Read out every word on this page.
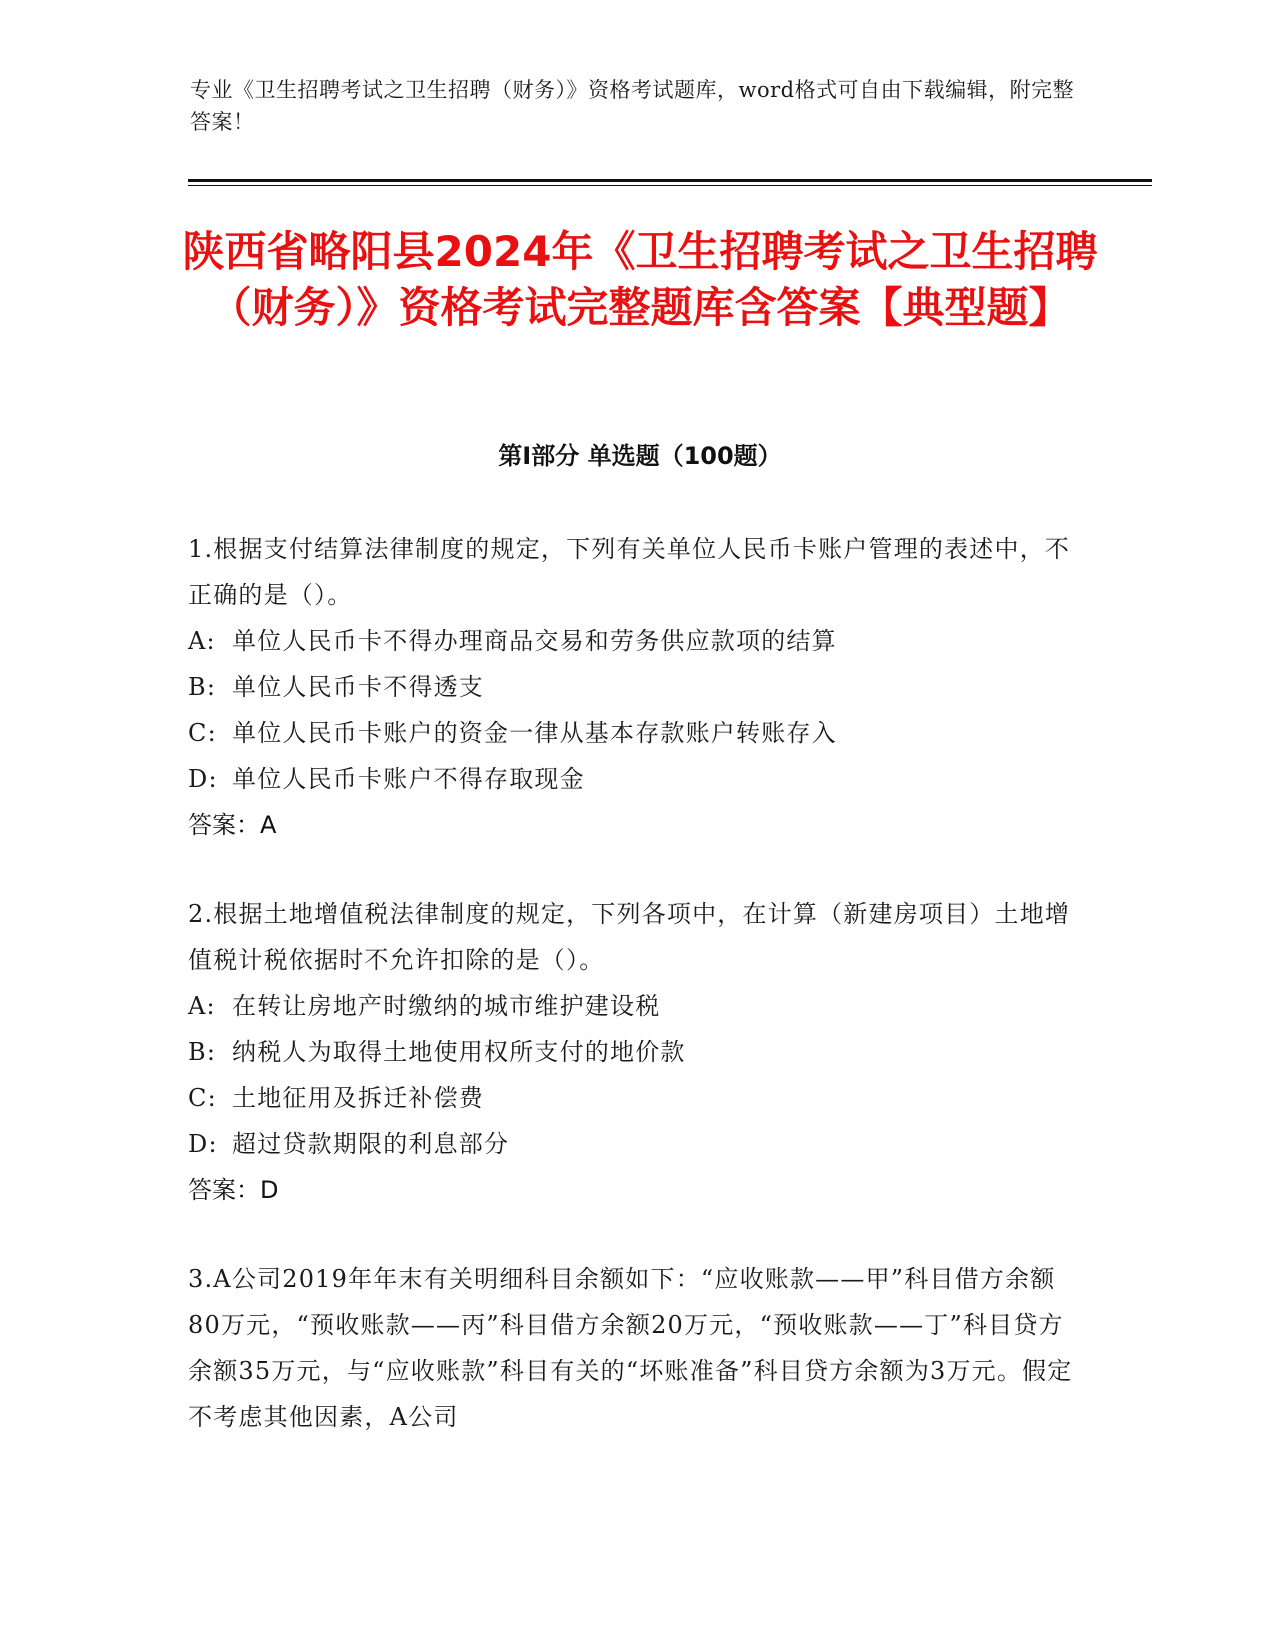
专业《卫生招聘考试之卫生招聘（财务）》资格考试题库，word格式可自由下载编辑，附完整答案！
陕西省略阳县2024年《卫生招聘考试之卫生招聘（财务）》资格考试完整题库含答案【典型题】
第I部分 单选题（100题）
1.根据支付结算法律制度的规定，下列有关单位人民币卡账户管理的表述中，不正确的是（）。
A: 单位人民币卡不得办理商品交易和劳务供应款项的结算
B: 单位人民币卡不得透支
C: 单位人民币卡账户的资金一律从基本存款账户转账存入
D: 单位人民币卡账户不得存取现金
答案：A
2.根据土地增值税法律制度的规定，下列各项中，在计算（新建房项目）土地增值税计税依据时不允许扣除的是（）。
A: 在转让房地产时缴纳的城市维护建设税
B: 纳税人为取得土地使用权所支付的地价款
C: 土地征用及拆迁补偿费
D: 超过贷款期限的利息部分
答案：D
3.A公司2019年年末有关明细科目余额如下：“应收账款——甲”科目借方余额80万元，“预收账款——丙”科目借方余额20万元，“预收账款——丁”科目贷方余额35万元，与“应收账款”科目有关的“坏账准备”科目贷方余额为3万元。假定不考虑其他因素，A公司
